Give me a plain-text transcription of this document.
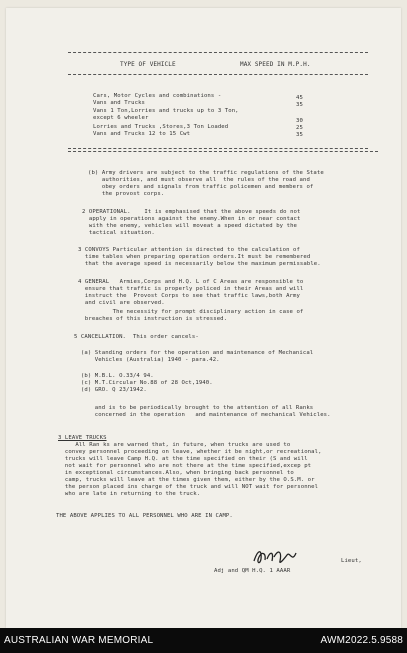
TYPE OF VEHICLE	MAX SPEED IN M.P.H.
Cars, Motor Cycles and combinations -	45
Vans and Trucks	35
Vans 1 Ton,Lorries and trucks up to 3 Ton,
except 6 wheeler	30
Lorries and Trucks ,Stores,3 Ton Loaded	25
Vans and Trucks 12 to 15 Cwt	35
(b) Army drivers are subject to the traffic regulations of the State
authorities, and must observe all  the rules of the road and
obey orders and signals from traffic policemen and members of
the provost corps.
2 OPERATIONAL.    It is emphasised that the above speeds do not
apply in operations against the enemy.When in or near contact
with the enemy, vehicles will moveat a speed dictated by the
tactical situation.
3 CONVOYS Particular attention is directed to the calculation of
time tables when preparing operation orders.It must be remembered
that the average speed is necessarily below the maximum permissable.
4 GENERAL   Armies,Corps and H.Q. L of C Areas are responsible to
ensure that traffic is properly policed in their Areas and will
instruct the  Provost Corps to see that traffic laws,both Army
and civil are observed.
The necessity for prompt disciplinary action in case of
breaches of this instruction is stressed.
5 CANCELLATION.  This order cancels-
(a) Standing orders for the operation and maintenance of Mechanical
Vehicles (Australia) 1940 - para.42.
(b) M.B.L. O.33/4 94.
(c) M.T.Circular No.88 of 28 Oct,1940.
(d) GRO. Q 23/1942.
and is to be periodically brought to the attention of all Ranks
concerned in the operation   and maintenance of mechanical Vehicles.
3 LEAVE TRUCKS
All Ran ks are warned that, in future, when trucks are used to
convey personnel proceeding on leave, whether it be night,or recreational,
trucks will leave Camp H.Q. at the time specified on their (S and will
not wait for personnel who are not there at the time specified,excep pt
in exceptional circumstances.Also, when bringing back personnel to
camp, trucks will leave at the times given them, either by the O.S.M. or
the person placed ins charge of the truck and will NOT wait for personnel
who are late in returning to the truck.
THE ABOVE APPLIES TO ALL PERSONNEL WHO ARE IN CAMP.
Lieut,
Adj and QM H.Q. 1 AAAR
AUSTRALIAN WAR MEMORIAL	AWM2022.5.9588
